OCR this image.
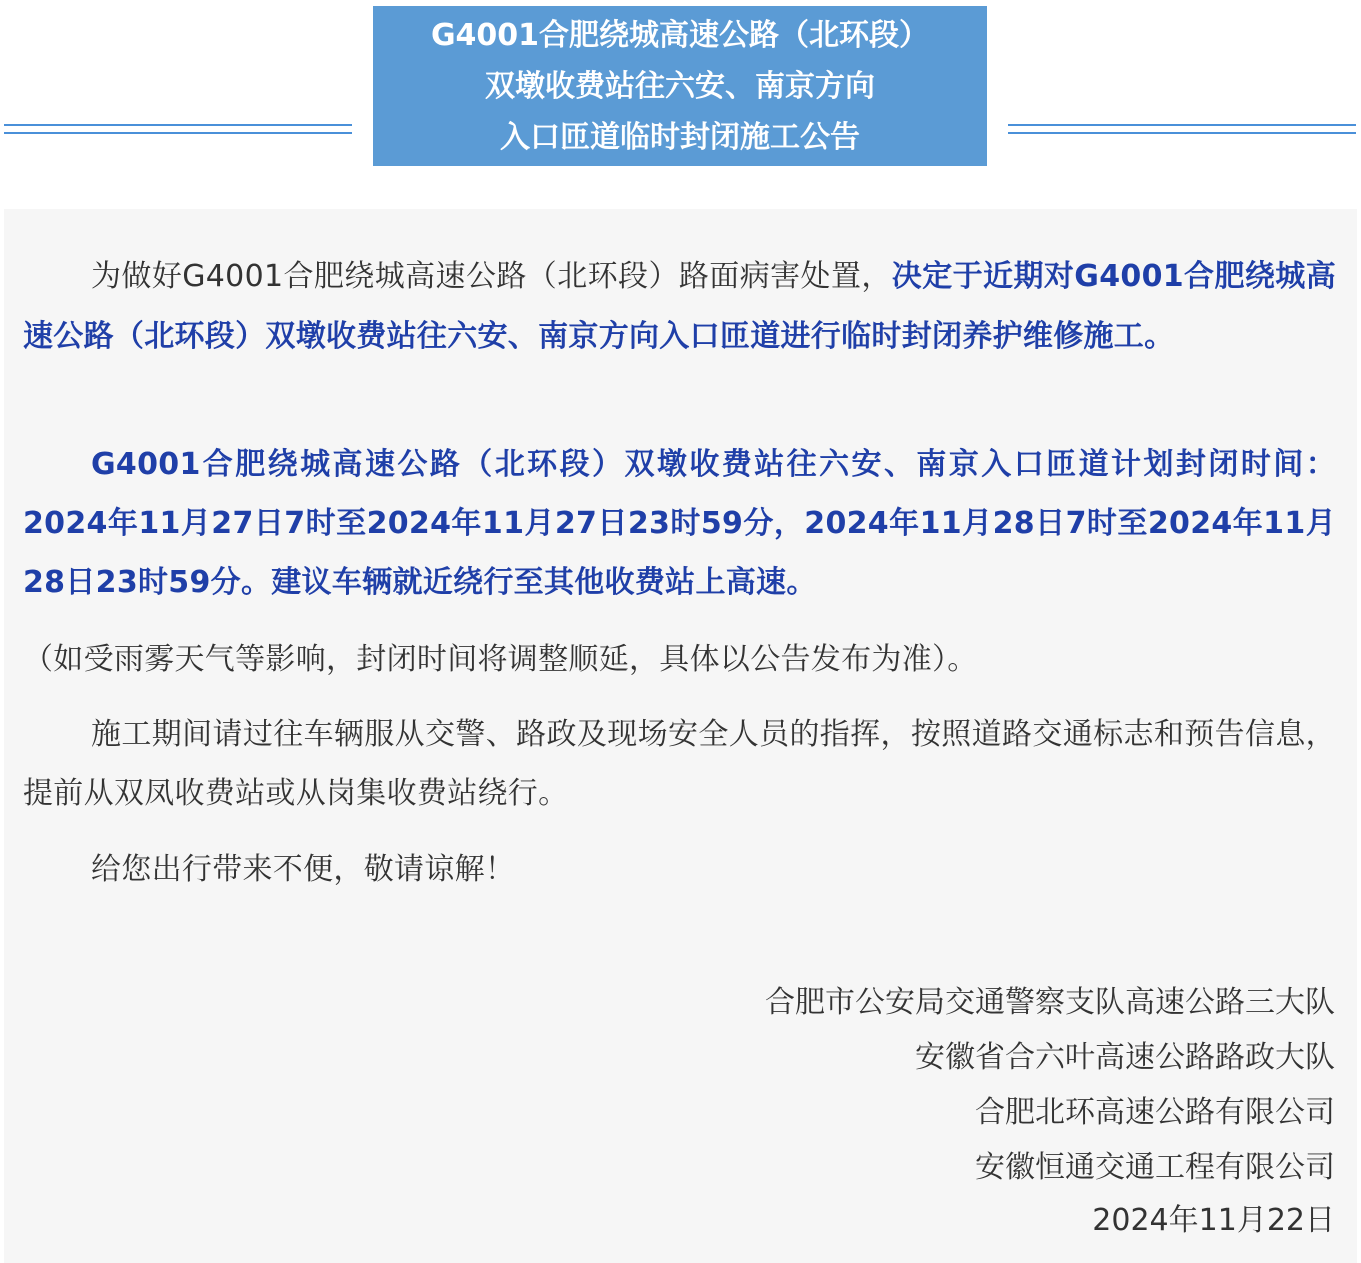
G4001合肥绕城高速公路（北环段）
双墩收费站往六安、南京方向
入口匝道临时封闭施工公告
为做好G4001合肥绕城高速公路（北环段）路面病害处置，决定于近期对G4001合肥绕城高速公路（北环段）双墩收费站往六安、南京方向入口匝道进行临时封闭养护维修施工。
G4001合肥绕城高速公路（北环段）双墩收费站往六安、南京入口匝道计划封闭时间：2024年11月27日7时至2024年11月27日23时59分，2024年11月28日7时至2024年11月28日23时59分。建议车辆就近绕行至其他收费站上高速。
（如受雨雾天气等影响，封闭时间将调整顺延，具体以公告发布为准）。
施工期间请过往车辆服从交警、路政及现场安全人员的指挥，按照道路交通标志和预告信息，提前从双凤收费站或从岗集收费站绕行。
给您出行带来不便，敬请谅解！
合肥市公安局交通警察支队高速公路三大队
安徽省合六叶高速公路路政大队
合肥北环高速公路有限公司
安徽恒通交通工程有限公司
2024年11月22日
